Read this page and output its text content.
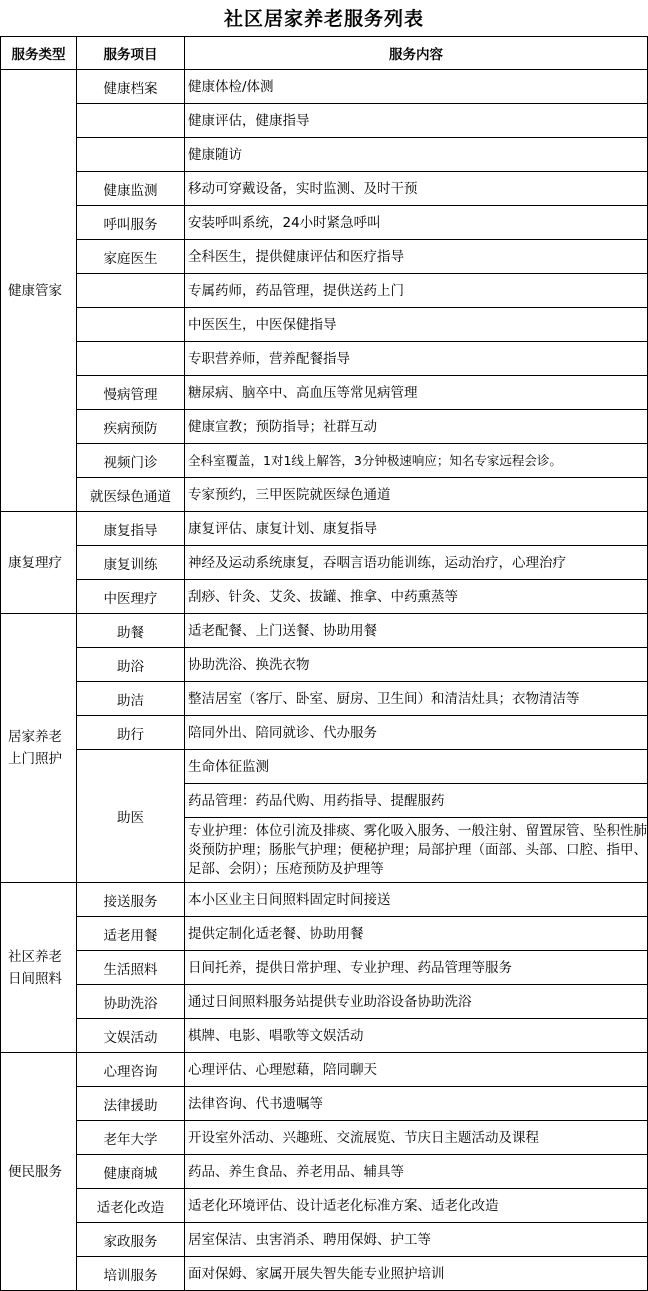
社区居家养老服务列表
服务类型	服务项目	服务内容

健康管家	健康档案	健康体检/体测
		健康评估，健康指导
		健康随访
	健康监测	移动可穿戴设备，实时监测、及时干预
	呼叫服务	安装呼叫系统，24小时紧急呼叫
	家庭医生	全科医生，提供健康评估和医疗指导
		专属药师，药品管理，提供送药上门
		中医医生，中医保健指导
		专职营养师，营养配餐指导
	慢病管理	糖尿病、脑卒中、高血压等常见病管理
	疾病预防	健康宣教；预防指导；社群互动
	视频门诊	全科室覆盖，1对1线上解答，3分钟极速响应；知名专家远程会诊。
	就医绿色通道	专家预约，三甲医院就医绿色通道

康复理疗	康复指导	康复评估、康复计划、康复指导
	康复训练	神经及运动系统康复，吞咽言语功能训练，运动治疗，心理治疗
	中医理疗	刮痧、针灸、艾灸、拔罐、推拿、中药熏蒸等

居家养老
上门照护	助餐	适老配餐、上门送餐、协助用餐
	助浴	协助洗浴、换洗衣物
	助洁	整洁居室（客厅、卧室、厨房、卫生间）和清洁灶具；衣物清洁等
	助行	陪同外出、陪同就诊、代办服务
	助医	生命体征监测
		药品管理：药品代购、用药指导、提醒服药
		专业护理：体位引流及排痰、雾化吸入服务、一般注射、留置尿管、坠积性肺炎预防护理；肠胀气护理；便秘护理；局部护理（面部、头部、口腔、指甲、足部、会阴）；压疮预防及护理等

社区养老
日间照料	接送服务	本小区业主日间照料固定时间接送
	适老用餐	提供定制化适老餐、协助用餐
	生活照料	日间托养，提供日常护理、专业护理、药品管理等服务
	协助洗浴	通过日间照料服务站提供专业助浴设备协助洗浴
	文娱活动	棋牌、电影、唱歌等文娱活动

便民服务	心理咨询	心理评估、心理慰藉，陪同聊天
	法律援助	法律咨询、代书遗嘱等
	老年大学	开设室外活动、兴趣班、交流展览、节庆日主题活动及课程
	健康商城	药品、养生食品、养老用品、辅具等
	适老化改造	适老化环境评估、设计适老化标准方案、适老化改造
	家政服务	居室保洁、虫害消杀、聘用保姆、护工等
	培训服务	面对保姆、家属开展失智失能专业照护培训
